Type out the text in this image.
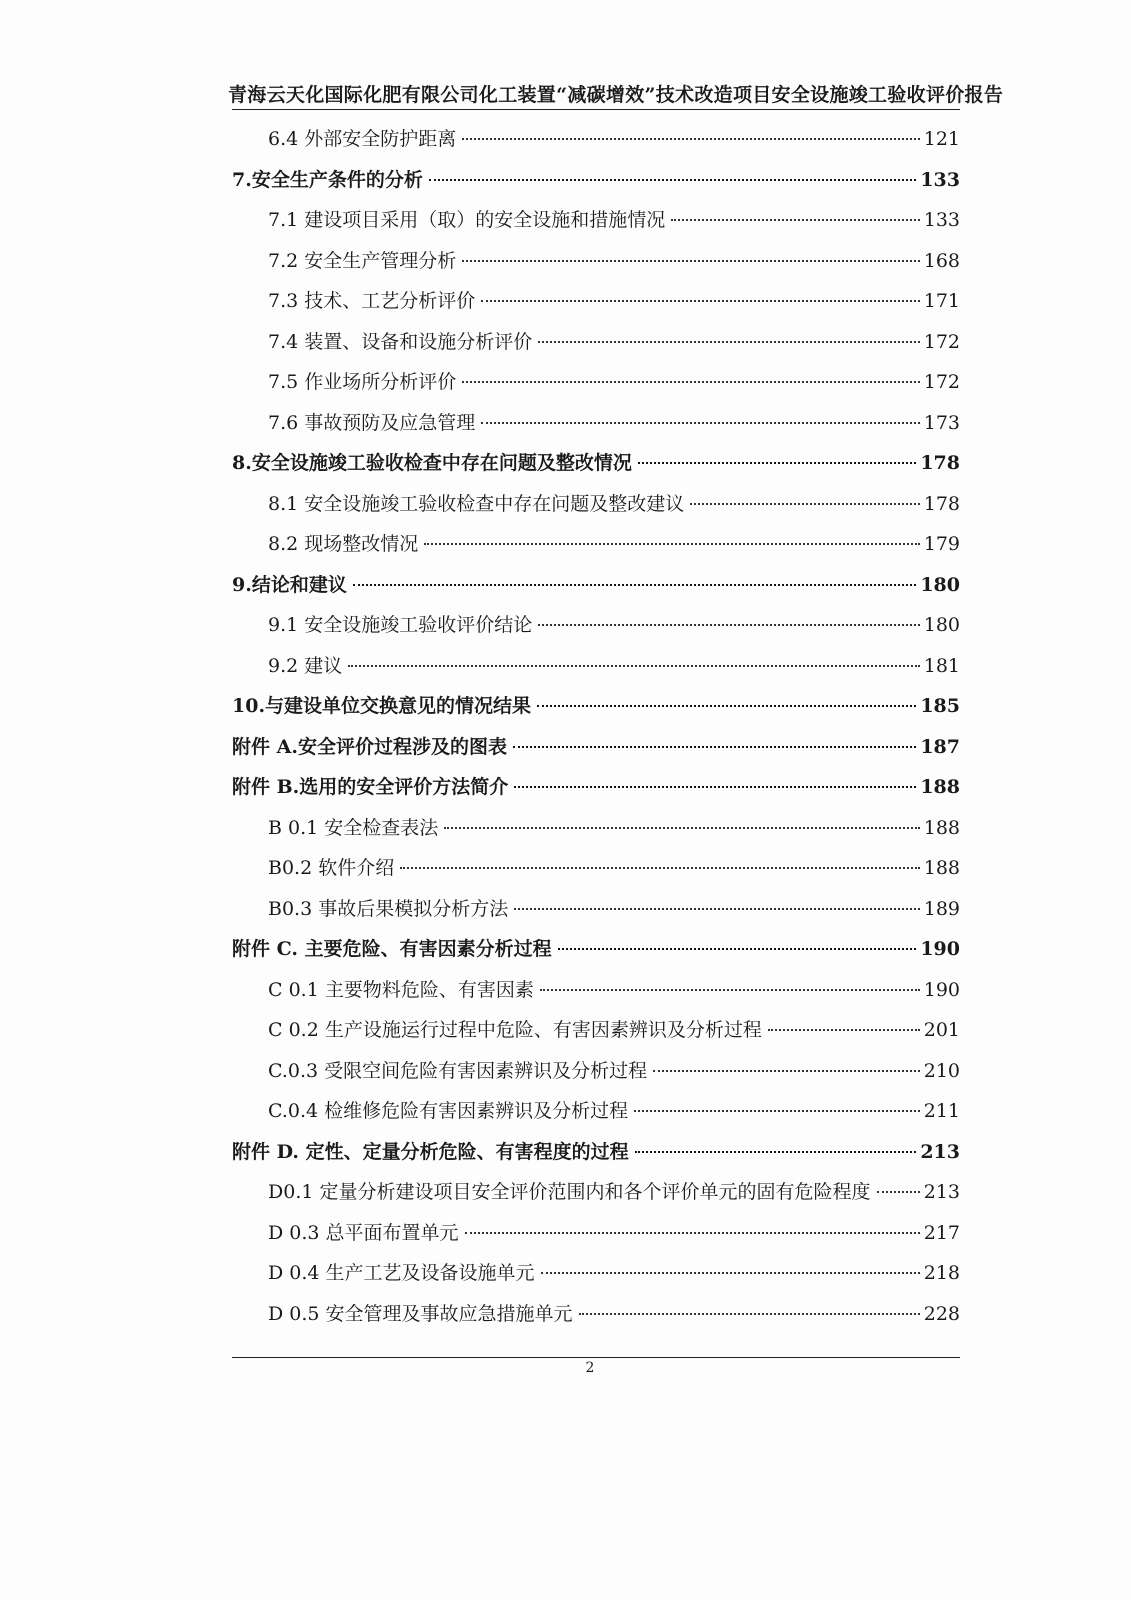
青海云天化国际化肥有限公司化工装置“减碳增效”技术改造项目安全设施竣工验收评价报告
6.4 外部安全防护距离	121
7.安全生产条件的分析	133
7.1 建设项目采用（取）的安全设施和措施情况	133
7.2 安全生产管理分析	168
7.3 技术、工艺分析评价	171
7.4 装置、设备和设施分析评价	172
7.5 作业场所分析评价	172
7.6 事故预防及应急管理	173
8.安全设施竣工验收检查中存在问题及整改情况	178
8.1 安全设施竣工验收检查中存在问题及整改建议	178
8.2 现场整改情况	179
9.结论和建议	180
9.1 安全设施竣工验收评价结论	180
9.2 建议	181
10.与建设单位交换意见的情况结果	185
附件 A.安全评价过程涉及的图表	187
附件 B.选用的安全评价方法简介	188
B 0.1 安全检查表法	188
B0.2 软件介绍	188
B0.3 事故后果模拟分析方法	189
附件 C. 主要危险、有害因素分析过程	190
C 0.1 主要物料危险、有害因素	190
C 0.2 生产设施运行过程中危险、有害因素辨识及分析过程	201
C.0.3 受限空间危险有害因素辨识及分析过程	210
C.0.4 检维修危险有害因素辨识及分析过程	211
附件 D. 定性、定量分析危险、有害程度的过程	213
D0.1 定量分析建设项目安全评价范围内和各个评价单元的固有危险程度	213
D 0.3 总平面布置单元	217
D 0.4 生产工艺及设备设施单元	218
D 0.5 安全管理及事故应急措施单元	228
2
